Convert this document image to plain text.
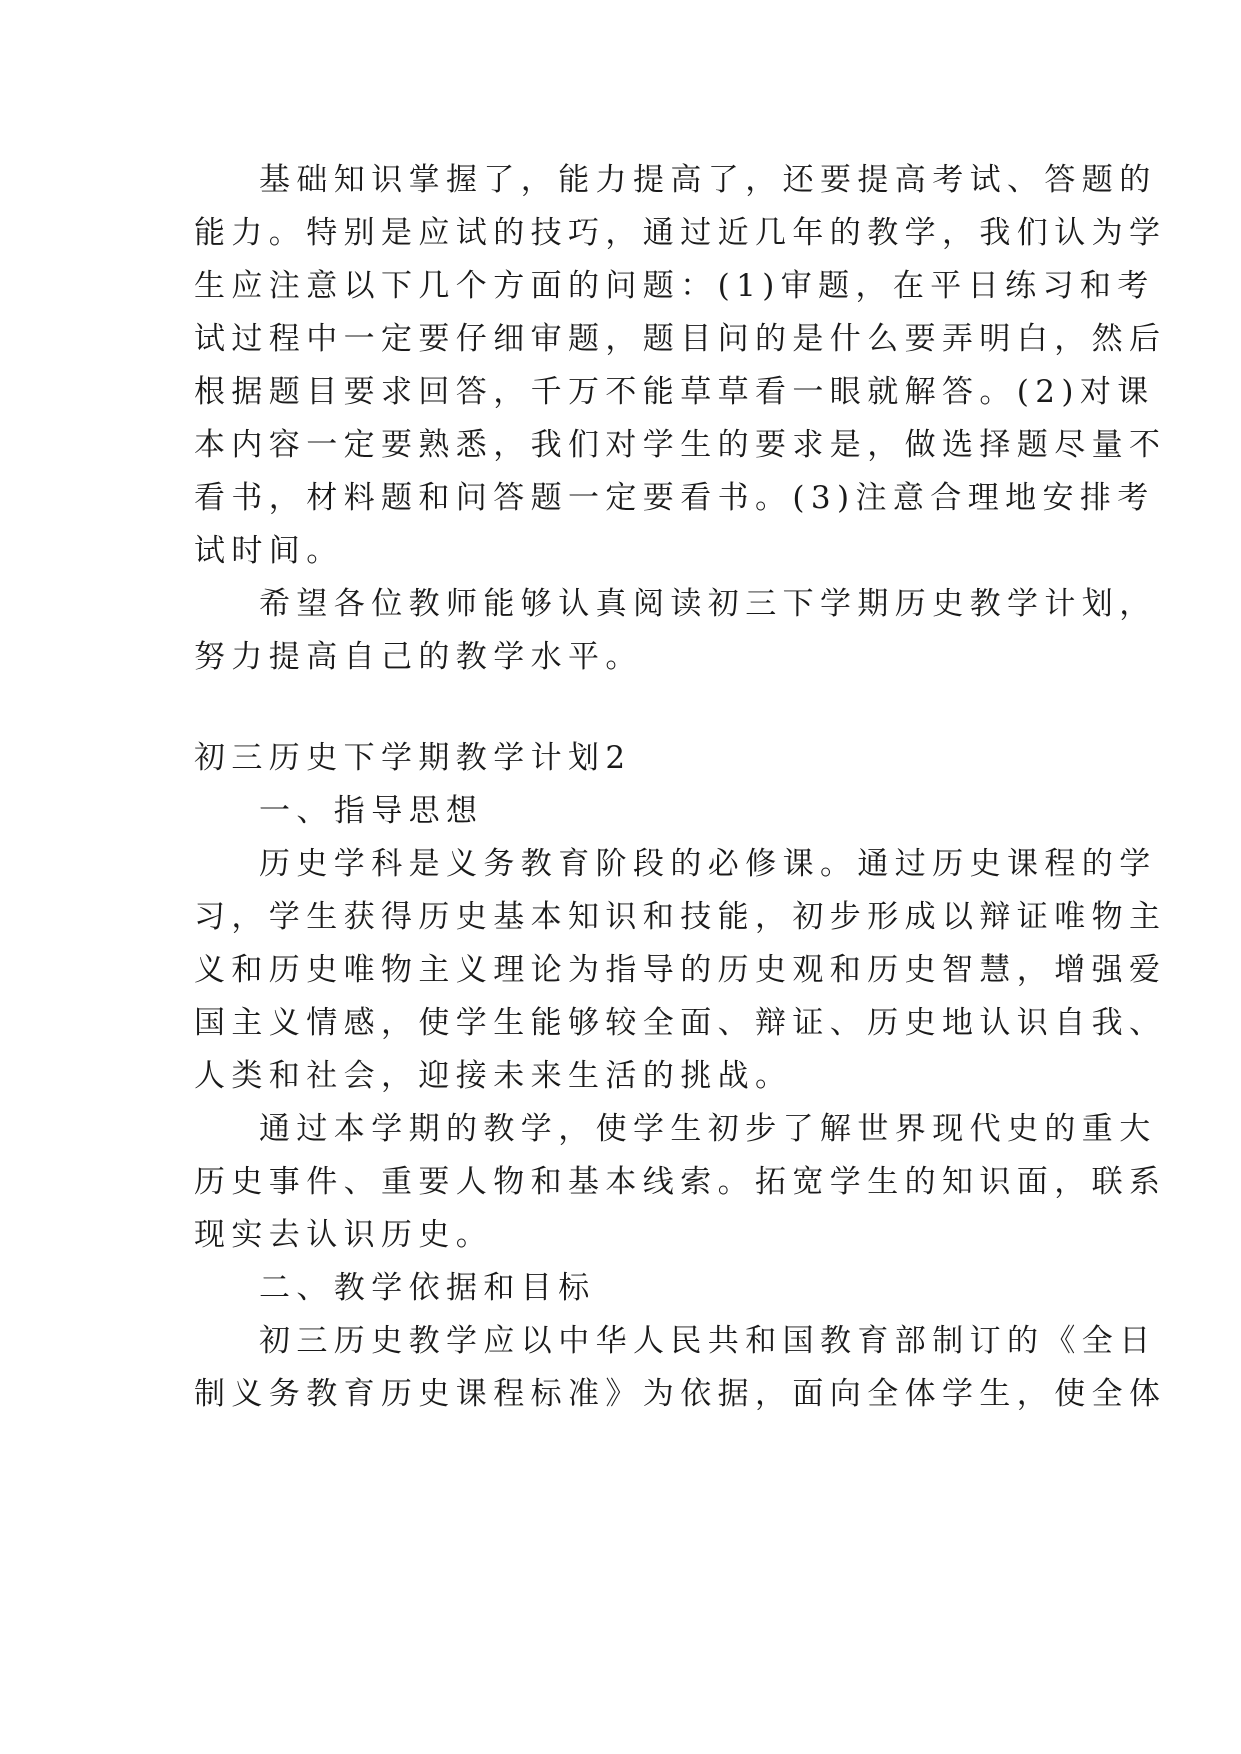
基础知识掌握了，能力提高了，还要提高考试、答题的
能力。特别是应试的技巧，通过近几年的教学，我们认为学
生应注意以下几个方面的问题：(1)审题，在平日练习和考
试过程中一定要仔细审题，题目问的是什么要弄明白，然后
根据题目要求回答，千万不能草草看一眼就解答。(2)对课
本内容一定要熟悉，我们对学生的要求是，做选择题尽量不
看书，材料题和问答题一定要看书。(3)注意合理地安排考
试时间。
希望各位教师能够认真阅读初三下学期历史教学计划，
努力提高自己的教学水平。
初三历史下学期教学计划2
一、指导思想
历史学科是义务教育阶段的必修课。通过历史课程的学
习，学生获得历史基本知识和技能，初步形成以辩证唯物主
义和历史唯物主义理论为指导的历史观和历史智慧，增强爱
国主义情感，使学生能够较全面、辩证、历史地认识自我、
人类和社会，迎接未来生活的挑战。
通过本学期的教学，使学生初步了解世界现代史的重大
历史事件、重要人物和基本线索。拓宽学生的知识面，联系
现实去认识历史。
二、教学依据和目标
初三历史教学应以中华人民共和国教育部制订的《全日
制义务教育历史课程标准》为依据，面向全体学生，使全体
